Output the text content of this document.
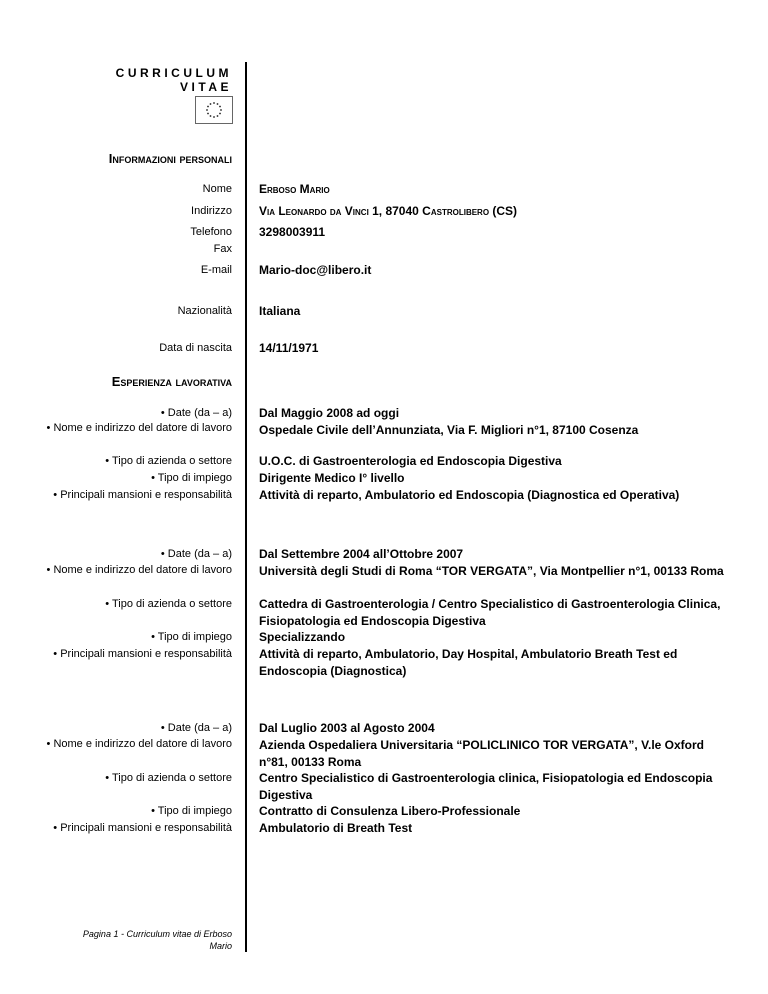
CURRICULUM VITAE
Informazioni personali
Nome Erboso Mario
Indirizzo Via Leonardo da Vinci 1, 87040 Castrolibero (CS)
Telefono 3298003911
Fax
E-mail Mario-doc@libero.it
Nazionalità Italiana
Data di nascita 14/11/1971
Esperienza lavorativa
• Date (da – a) Dal Maggio 2008 ad oggi
• Nome e indirizzo del datore di lavoro Ospedale Civile dell’Annunziata, Via F. Migliori n°1, 87100 Cosenza
• Tipo di azienda o settore U.O.C. di Gastroenterologia ed Endoscopia Digestiva
• Tipo di impiego Dirigente Medico I° livello
• Principali mansioni e responsabilità Attività di reparto, Ambulatorio ed Endoscopia (Diagnostica ed Operativa)
• Date (da – a) Dal Settembre 2004 all’Ottobre 2007
• Nome e indirizzo del datore di lavoro Università degli Studi di Roma “TOR VERGATA”, Via Montpellier n°1, 00133 Roma
• Tipo di azienda o settore Cattedra di Gastroenterologia / Centro Specialistico di Gastroenterologia Clinica, Fisiopatologia ed Endoscopia Digestiva
• Tipo di impiego Specializzando
• Principali mansioni e responsabilità Attività di reparto, Ambulatorio, Day Hospital, Ambulatorio Breath Test ed Endoscopia (Diagnostica)
• Date (da – a) Dal Luglio 2003 al Agosto 2004
• Nome e indirizzo del datore di lavoro Azienda Ospedaliera Universitaria “POLICLINICO TOR VERGATA”, V.le Oxford n°81, 00133 Roma
• Tipo di azienda o settore Centro Specialistico di Gastroenterologia clinica, Fisiopatologia ed Endoscopia Digestiva
• Tipo di impiego Contratto di Consulenza Libero-Professionale
• Principali mansioni e responsabilità Ambulatorio di Breath Test
Pagina 1 - Curriculum vitae di Erboso Mario
